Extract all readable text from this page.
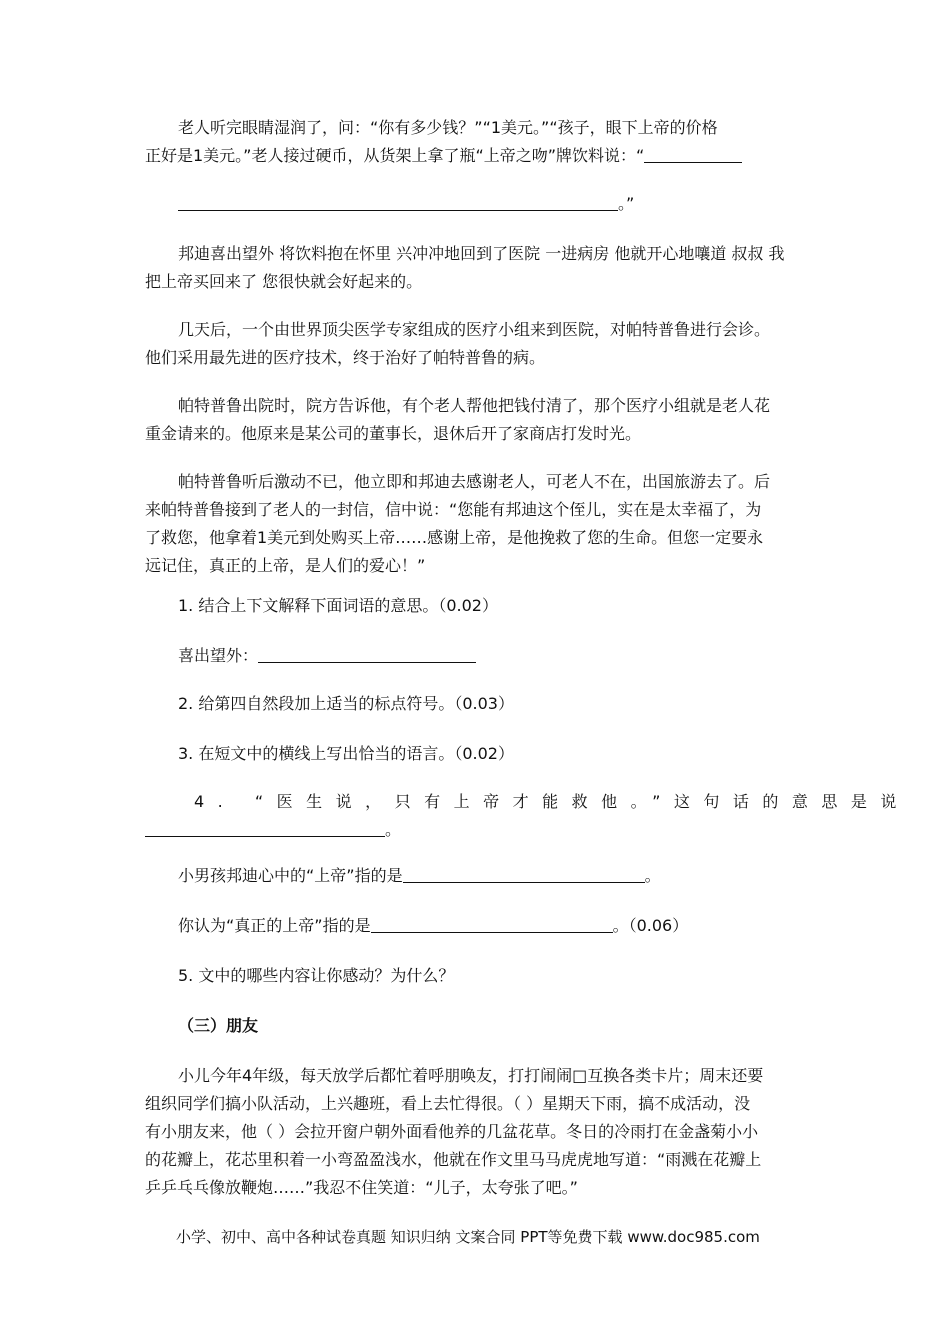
老人听完眼睛湿润了，问：“你有多少钱？”“1美元。”“孩子，眼下上帝的价格

正好是1美元。”老人接过硬币，从货架上拿了瓶“上帝之吻”牌饮料说：“

。”

邦迪喜出望外 将饮料抱在怀里 兴冲冲地回到了医院 一进病房 他就开心地嚷道 叔叔 我

把上帝买回来了 您很快就会好起来的。

几天后，一个由世界顶尖医学专家组成的医疗小组来到医院，对帕特普鲁进行会诊。

他们采用最先进的医疗技术，终于治好了帕特普鲁的病。

帕特普鲁出院时，院方告诉他，有个老人帮他把钱付清了，那个医疗小组就是老人花

重金请来的。他原来是某公司的董事长，退休后开了家商店打发时光。

帕特普鲁听后激动不已，他立即和邦迪去感谢老人，可老人不在，出国旅游去了。后

来帕特普鲁接到了老人的一封信，信中说：“您能有邦迪这个侄儿，实在是太幸福了，为

了救您，他拿着1美元到处购买上帝……感谢上帝，是他挽救了您的生命。但您一定要永

远记住，真正的上帝，是人们的爱心！”

1. 结合上下文解释下面词语的意思。（0.02）

喜出望外：

2. 给第四自然段加上适当的标点符号。（0.03）

3. 在短文中的横线上写出恰当的语言。（0.02）

4. “医生说，只有上帝才能救他。”这句话的意思是说

。

小男孩邦迪心中的“上帝”指的是	。

你认为“真正的上帝”指的是	。（0.06）

5. 文中的哪些内容让你感动？为什么？

（三）朋友

小儿今年4年级，每天放学后都忙着呼朋唤友，打打闹闹□互换各类卡片；周末还要

组织同学们搞小队活动，上兴趣班，看上去忙得很。（ ）星期天下雨，搞不成活动，没

有小朋友来，他（ ）会拉开窗户朝外面看他养的几盆花草。冬日的冷雨打在金盏菊小小

的花瓣上，花芯里积着一小弯盈盈浅水，他就在作文里马马虎虎地写道：“雨溅在花瓣上

乒乒乓乓像放鞭炮……”我忍不住笑道：“儿子，太夸张了吧。”

小学、初中、高中各种试卷真题 知识归纳 文案合同 PPT等免费下载 www.doc985.com
